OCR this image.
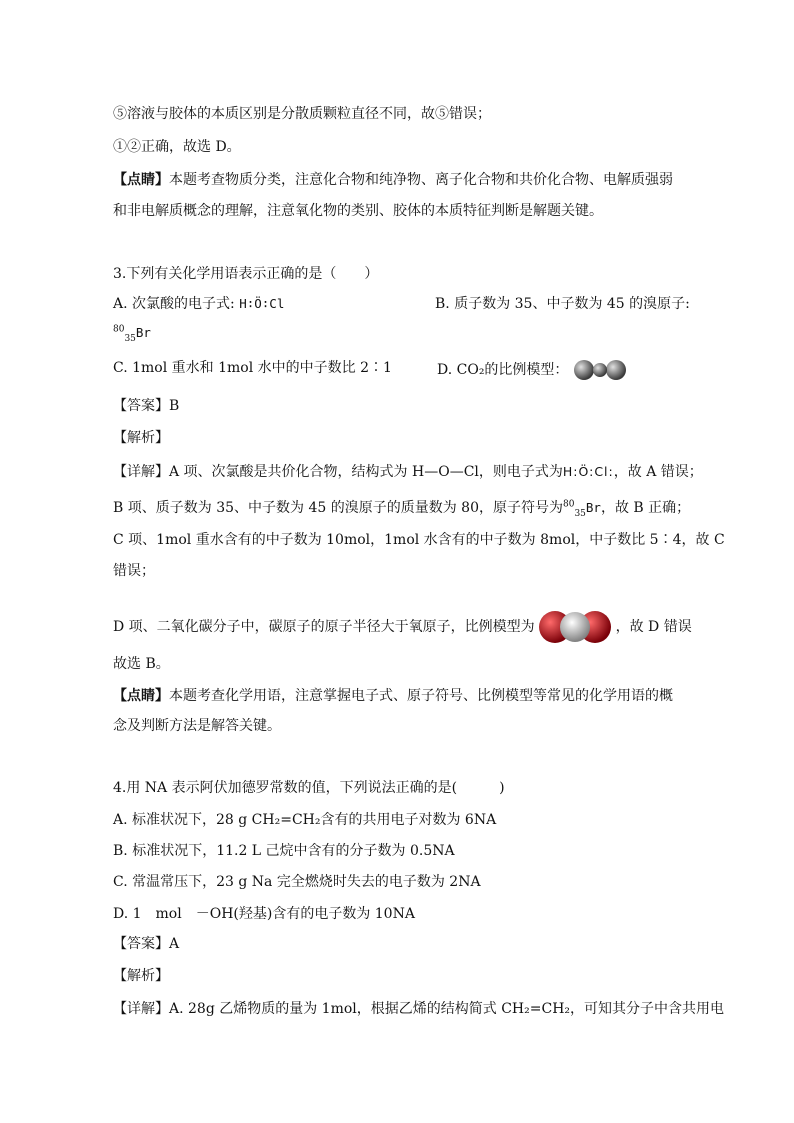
⑤溶液与胶体的本质区别是分散质颗粒直径不同，故⑤错误；
①②正确，故选 D。
【点睛】本题考查物质分类，注意化合物和纯净物、离子化合物和共价化合物、电解质强弱
和非电解质概念的理解，注意氧化物的类别、胶体的本质特征判断是解题关键。
3.下列有关化学用语表示正确的是（　　）
A. 次氯酸的电子式: H∶Ö∶Cl	B. 质子数为 35、中子数为 45 的溴原子:
$^{80}_{35}$Br
C. 1mol 重水和 1mol 水中的中子数比 2∶1	D. CO₂的比例模型：
【答案】B
【解析】
【详解】A 项、次氯酸是共价化合物，结构式为 H—O—Cl，则电子式为H:Ö:Cl:，故 A 错误；
B 项、质子数为 35、中子数为 45 的溴原子的质量数为 80，原子符号为$^{80}_{35}$Br，故 B 正确；
C 项、1mol 重水含有的中子数为 10mol，1mol 水含有的中子数为 8mol，中子数比 5∶4，故 C
错误；
D 项、二氧化碳分子中，碳原子的原子半径大于氧原子，比例模型为	，故 D 错误
故选 B。
【点睛】本题考查化学用语，注意掌握电子式、原子符号、比例模型等常见的化学用语的概
念及判断方法是解答关键。
4.用 NA 表示阿伏加德罗常数的值，下列说法正确的是(　　　)
A. 标准状况下，28 g CH₂=CH₂含有的共用电子对数为 6NA
B. 标准状况下，11.2 L 己烷中含有的分子数为 0.5NA
C. 常温常压下，23 g Na 完全燃烧时失去的电子数为 2NA
D. 1　mol　－OH(羟基)含有的电子数为 10NA
【答案】A
【解析】
【详解】A. 28g 乙烯物质的量为 1mol，根据乙烯的结构简式 CH₂=CH₂，可知其分子中含共用电
